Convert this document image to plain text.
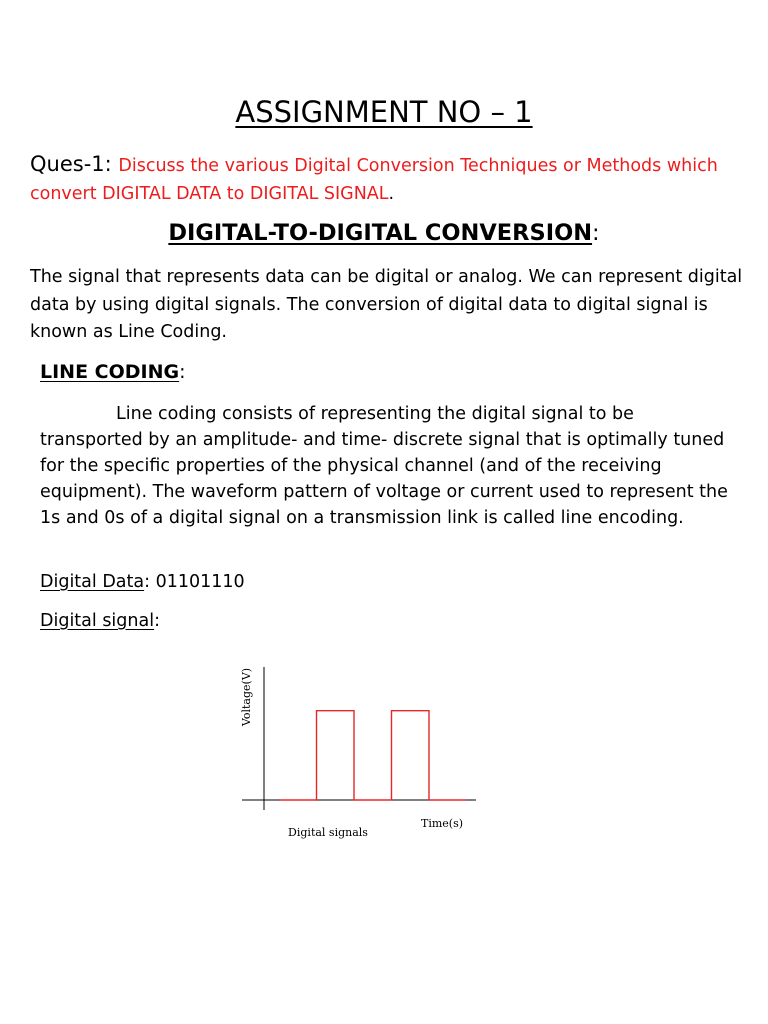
ASSIGNMENT NO – 1
Ques-1: Discuss the various Digital Conversion Techniques or Methods which convert DIGITAL DATA to DIGITAL SIGNAL.
DIGITAL-TO-DIGITAL CONVERSION:
The signal that represents data can be digital or analog. We can represent digital data by using digital signals. The conversion of digital data to digital signal is known as Line Coding.
LINE CODING:
Line coding consists of representing the digital signal to be transported by an amplitude- and time- discrete signal that is optimally tuned for the specific properties of the physical channel (and of the receiving equipment). The waveform pattern of voltage or current used to represent the 1s and 0s of a digital signal on a transmission link is called line encoding.
Digital Data: 01101110
Digital signal:
Voltage(V)
Time(s)
Digital signals
